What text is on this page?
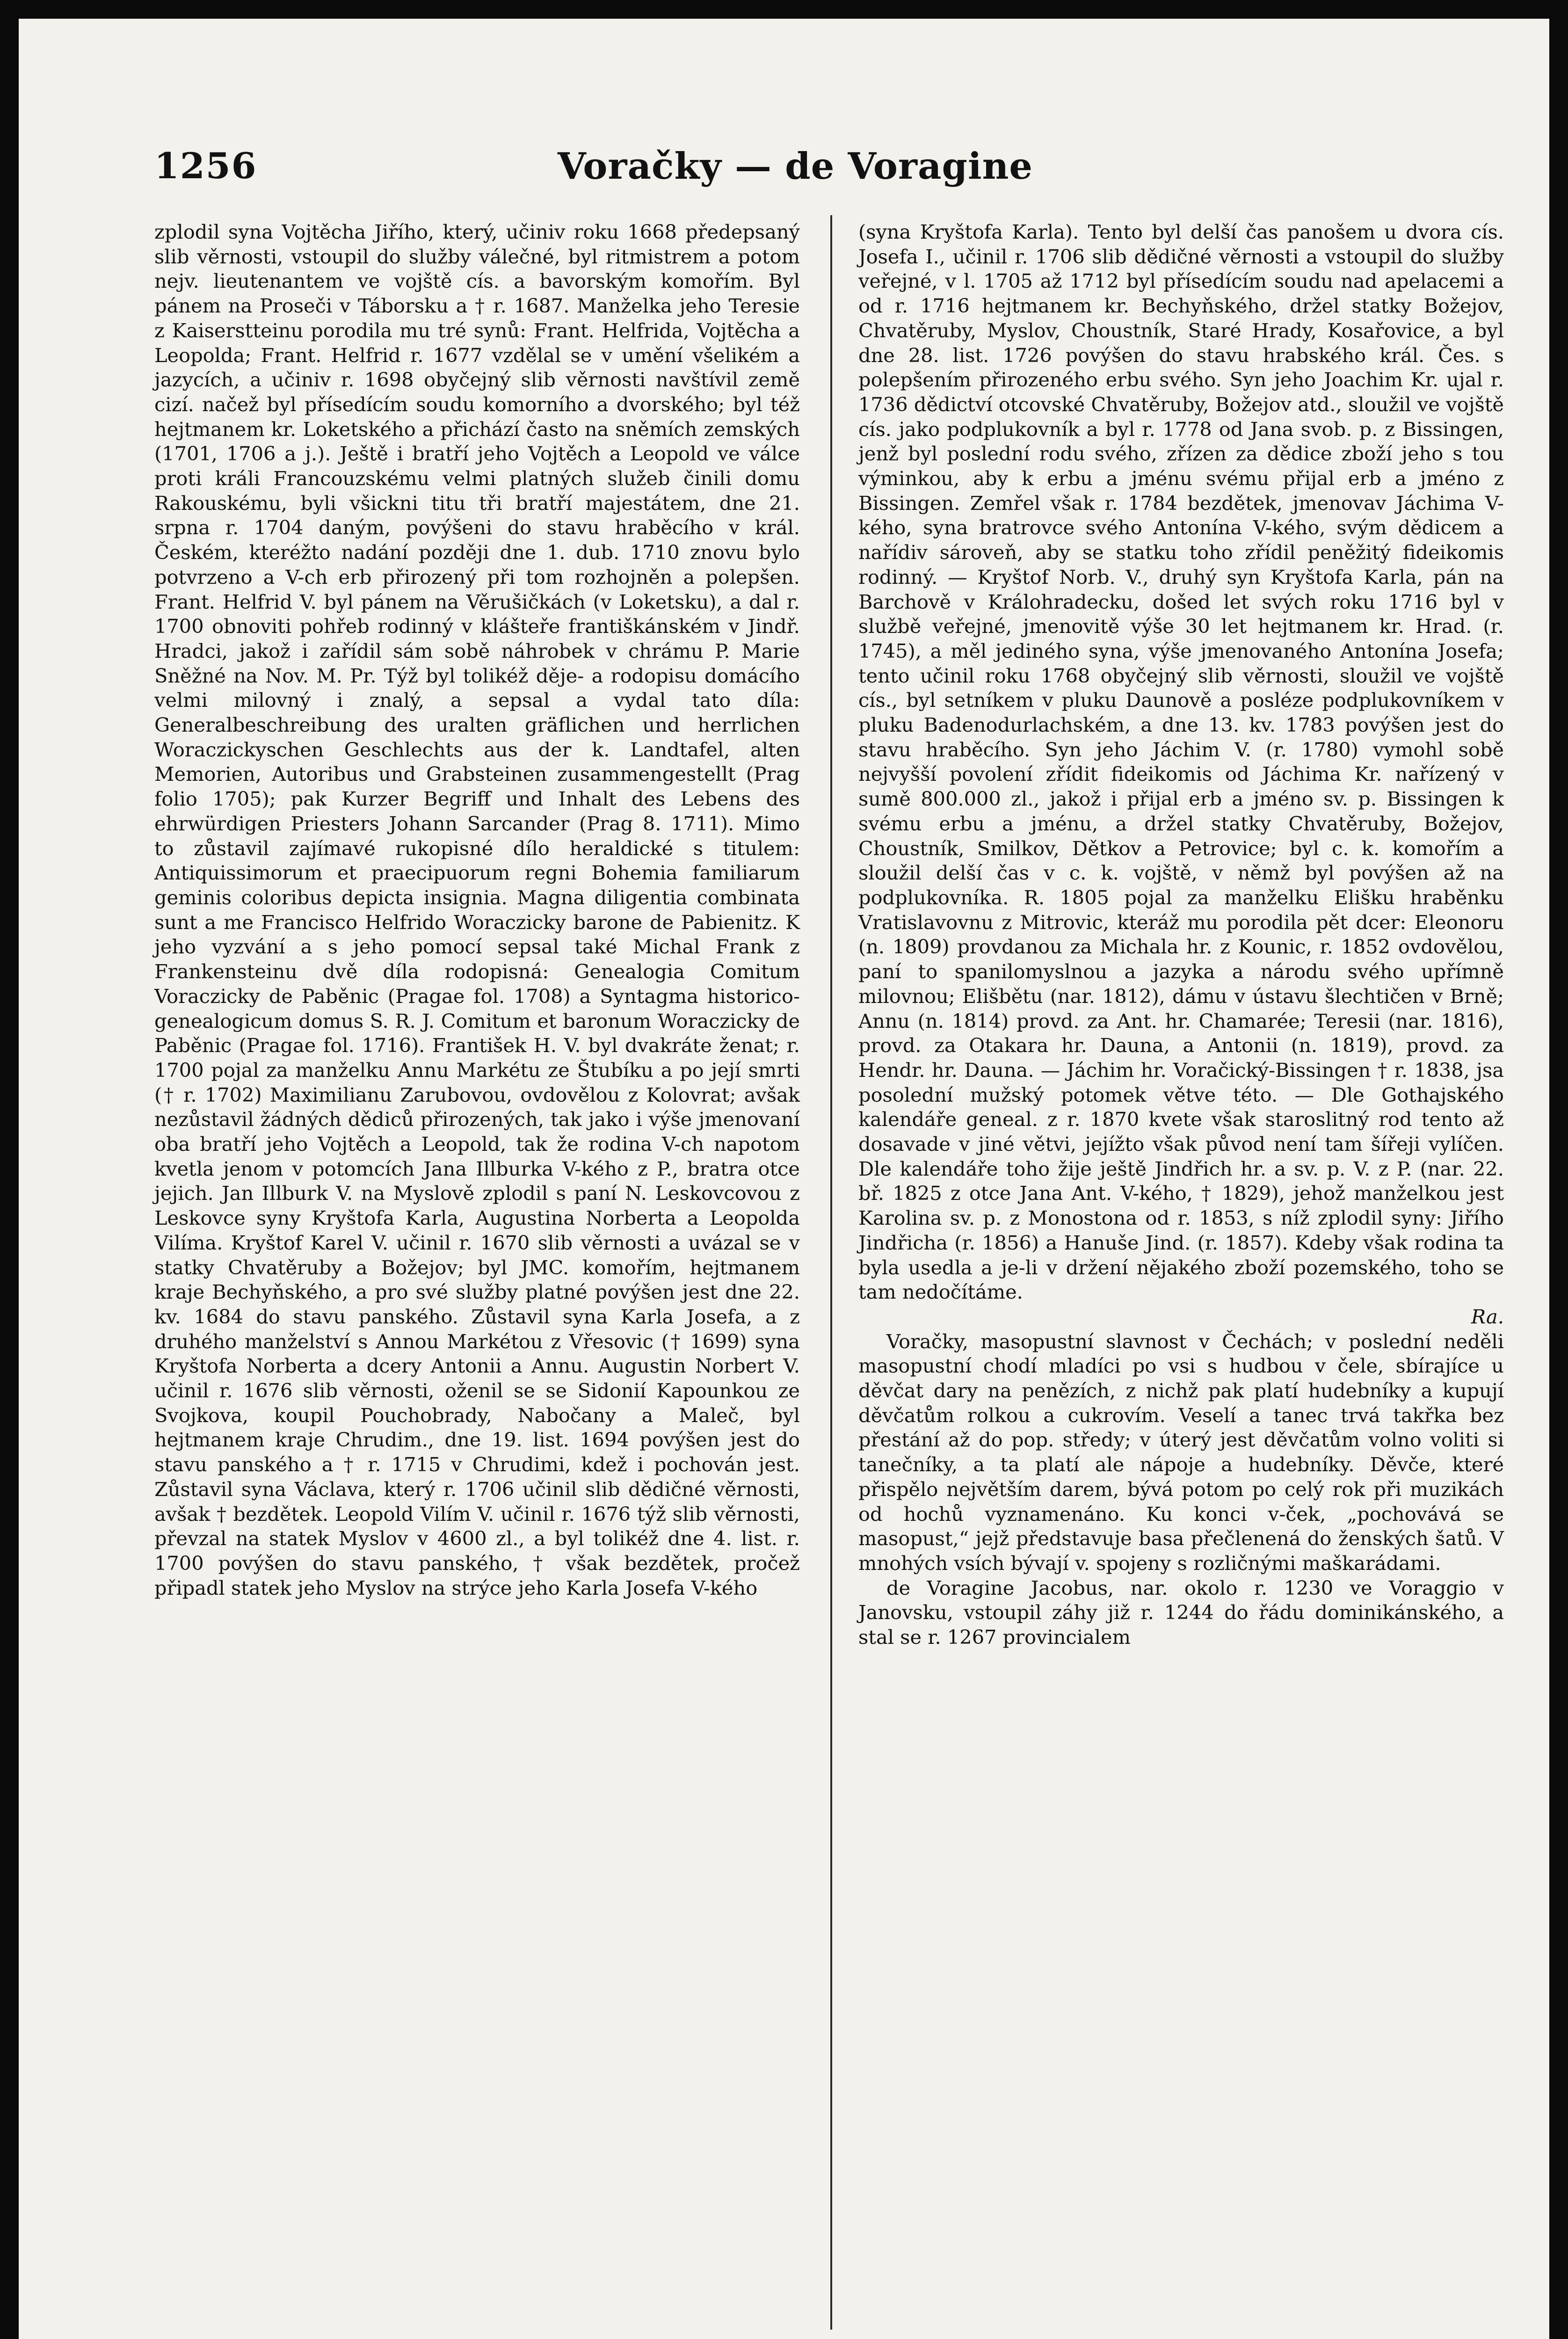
1256	Voračky — de Voragine

zplodil syna Vojtěcha Jiřího, který, učiniv roku 1668 předepsaný slib věrnosti, vstoupil do služby válečné, byl ritmistrem a potom nejv. lieutenantem ve vojště cís. a bavorským komořím. Byl pánem na Proseči v Táborsku a † r. 1687. Manželka jeho Teresie z Kaiserstteinu porodila mu tré synů: Frant. Helfrida, Vojtěcha a Leopolda; Frant. Helfrid r. 1677 vzdělal se v umění všelikém a jazycích, a učiniv r. 1698 obyčejný slib věrnosti navštívil země cizí. načež byl přísedícím soudu komorního a dvorského; byl též hejtmanem kr. Loketského a přichází často na sněmích zemských (1701, 1706 a j.). Ještě i bratří jeho Vojtěch a Leopold ve válce proti králi Francouzskému velmi platných služeb činili domu Rakouskému, byli všickni titu tři bratří majestátem, dne 21. srpna r. 1704 daným, povýšeni do stavu hraběcího v král. Českém, kteréžto nadání později dne 1. dub. 1710 znovu bylo potvrzeno a V-ch erb přirozený při tom rozhojněn a polepšen. Frant. Helfrid V. byl pánem na Věrušičkách (v Loketsku), a dal r. 1700 obnoviti pohřeb rodinný v klášteře františkánském v Jindř. Hradci, jakož i zařídil sám sobě náhrobek v chrámu P. Marie Sněžné na Nov. M. Pr. Týž byl tolikéž děje- a rodopisu domácího velmi milovný i znalý, a sepsal a vydal tato díla: Generalbeschreibung des uralten gräflichen und herrlichen Woraczickyschen Geschlechts aus der k. Landtafel, alten Memorien, Autoribus und Grabsteinen zusammengestellt (Prag folio 1705); pak Kurzer Begriff und Inhalt des Lebens des ehrwürdigen Priesters Johann Sarcander (Prag 8. 1711). Mimo to zůstavil zajímavé rukopisné dílo heraldické s titulem: Antiquissimorum et praecipuorum regni Bohemia familiarum geminis coloribus depicta insignia. Magna diligentia combinata sunt a me Francisco Helfrido Woraczicky barone de Pabienitz. K jeho vyzvání a s jeho pomocí sepsal také Michal Frank z Frankensteinu dvě díla rodopisná: Genealogia Comitum Voraczicky de Paběnic (Pragae fol. 1708) a Syntagma historico-genealogicum domus S. R. J. Comitum et baronum Woraczicky de Paběnic (Pragae fol. 1716). František H. V. byl dvakráte ženat; r. 1700 pojal za manželku Annu Markétu ze Štubíku a po její smrti († r. 1702) Maximilianu Zarubovou, ovdovělou z Kolovrat; avšak nezůstavil žádných dědiců přirozených, tak jako i výše jmenovaní oba bratří jeho Vojtěch a Leopold, tak že rodina V-ch napotom kvetla jenom v potomcích Jana Illburka V-kého z P., bratra otce jejich. Jan Illburk V. na Myslově zplodil s paní N. Leskovcovou z Leskovce syny Kryštofa Karla, Augustina Norberta a Leopolda Vilíma. Kryštof Karel V. učinil r. 1670 slib věrnosti a uvázal se v statky Chvatěruby a Božejov; byl JMC. komořím, hejtmanem kraje Bechyňského, a pro své služby platné povýšen jest dne 22. kv. 1684 do stavu panského. Zůstavil syna Karla Josefa, a z druhého manželství s Annou Markétou z Vřesovic († 1699) syna Kryštofa Norberta a dcery Antonii a Annu. Augustin Norbert V. učinil r. 1676 slib věrnosti, oženil se se Sidonií Kapounkou ze Svojkova, koupil Pouchobrady, Nabočany a Maleč, byl hejtmanem kraje Chrudim., dne 19. list. 1694 povýšen jest do stavu panského a † r. 1715 v Chrudimi, kdež i pochován jest. Zůstavil syna Václava, který r. 1706 učinil slib dědičné věrnosti, avšak † bezdětek. Leopold Vilím V. učinil r. 1676 týž slib věrnosti, převzal na statek Myslov v 4600 zl., a byl tolikéž dne 4. list. r. 1700 povýšen do stavu panského, † však bezdětek, pročež připadl statek jeho Myslov na strýce jeho Karla Josefa V-kého

(syna Kryštofa Karla). Tento byl delší čas panošem u dvora cís. Josefa I., učinil r. 1706 slib dědičné věrnosti a vstoupil do služby veřejné, v l. 1705 až 1712 byl přísedícím soudu nad apelacemi a od r. 1716 hejtmanem kr. Bechyňského, držel statky Božejov, Chvatěruby, Myslov, Choustník, Staré Hrady, Kosařovice, a byl dne 28. list. 1726 povýšen do stavu hrabského král. Čes. s polepšením přirozeného erbu svého. Syn jeho Joachim Kr. ujal r. 1736 dědictví otcovské Chvatěruby, Božejov atd., sloužil ve vojště cís. jako podplukovník a byl r. 1778 od Jana svob. p. z Bissingen, jenž byl poslední rodu svého, zřízen za dědice zboží jeho s tou výminkou, aby k erbu a jménu svému přijal erb a jméno z Bissingen. Zemřel však r. 1784 bezdětek, jmenovav Jáchima V-kého, syna bratrovce svého Antonína V-kého, svým dědicem a nařídiv sároveň, aby se statku toho zřídil peněžitý fideikomis rodinný. — Kryštof Norb. V., druhý syn Kryštofa Karla, pán na Barchově v Králohradecku, došed let svých roku 1716 byl v službě veřejné, jmenovitě výše 30 let hejtmanem kr. Hrad. (r. 1745), a měl jediného syna, výše jmenovaného Antonína Josefa; tento učinil roku 1768 obyčejný slib věrnosti, sloužil ve vojště cís., byl setníkem v pluku Daunově a posléze podplukovníkem v pluku Badenodurlachském, a dne 13. kv. 1783 povýšen jest do stavu hraběcího. Syn jeho Jáchim V. (r. 1780) vymohl sobě nejvyšší povolení zřídit fideikomis od Jáchima Kr. nařízený v sumě 800.000 zl., jakož i přijal erb a jméno sv. p. Bissingen k svému erbu a jménu, a držel statky Chvatěruby, Božejov, Choustník, Smilkov, Dětkov a Petrovice; byl c. k. komořím a sloužil delší čas v c. k. vojště, v němž byl povýšen až na podplukovníka. R. 1805 pojal za manželku Elišku hraběnku Vratislavovnu z Mitrovic, kteráž mu porodila pět dcer: Eleonoru (n. 1809) provdanou za Michala hr. z Kounic, r. 1852 ovdovělou, paní to spanilomyslnou a jazyka a národu svého upřímně milovnou; Elišbětu (nar. 1812), dámu v ústavu šlechtičen v Brně; Annu (n. 1814) provd. za Ant. hr. Chamarée; Teresii (nar. 1816), provd. za Otakara hr. Dauna, a Antonii (n. 1819), provd. za Hendr. hr. Dauna. — Jáchim hr. Voračický-Bissingen † r. 1838, jsa posolední mužský potomek větve této. — Dle Gothajského kalendáře geneal. z r. 1870 kvete však staroslitný rod tento až dosavade v jiné větvi, jejížto však původ není tam šířeji vylíčen. Dle kalendáře toho žije ještě Jindřich hr. a sv. p. V. z P. (nar. 22. bř. 1825 z otce Jana Ant. V-kého, † 1829), jehož manželkou jest Karolina sv. p. z Monostona od r. 1853, s níž zplodil syny: Jiřího Jindřicha (r. 1856) a Hanuše Jind. (r. 1857). Kdeby však rodina ta byla usedla a je-li v držení nějakého zboží pozemského, toho se tam nedočítáme.

Ra.

Voračky, masopustní slavnost v Čechách; v poslední neděli masopustní chodí mladíci po vsi s hudbou v čele, sbírajíce u děvčat dary na penězích, z nichž pak platí hudebníky a kupují děvčatům rolkou a cukrovím. Veselí a tanec trvá takřka bez přestání až do pop. středy; v úterý jest děvčatům volno voliti si tanečníky, a ta platí ale nápoje a hudebníky. Děvče, které přispělo největším darem, bývá potom po celý rok při muzikách od hochů vyznamenáno. Ku konci v-ček, „pochovává se masopust,“ jejž představuje basa přečlenená do ženských šatů. V mnohých vsích bývají v. spojeny s rozličnými maškarádami.

de Voragine Jacobus, nar. okolo r. 1230 ve Voraggio v Janovsku, vstoupil záhy již r. 1244 do řádu dominikánského, a stal se r. 1267 provincialem
